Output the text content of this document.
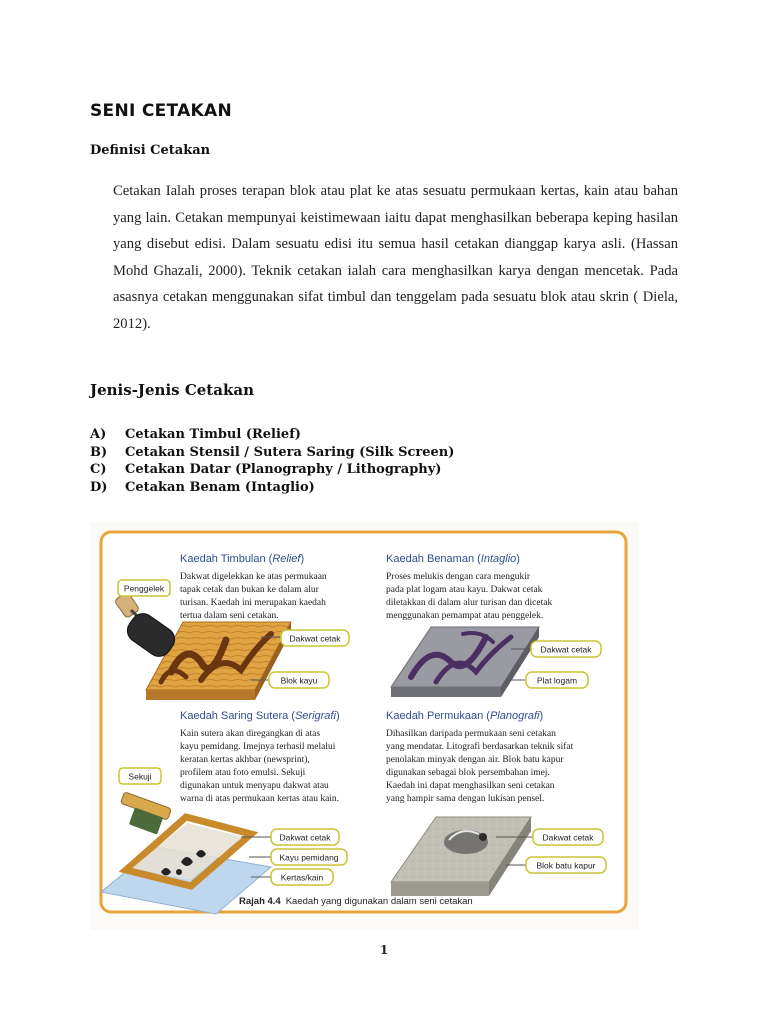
SENI CETAKAN
Definisi Cetakan

Cetakan Ialah proses terapan blok atau plat ke atas sesuatu permukaan kertas, kain atau bahan yang lain. Cetakan mempunyai keistimewaan iaitu dapat menghasilkan beberapa keping hasilan yang disebut edisi. Dalam sesuatu edisi itu semua hasil cetakan dianggap karya asli. (Hassan Mohd Ghazali, 2000). Teknik cetakan ialah cara menghasilkan karya dengan mencetak. Pada asasnya cetakan menggunakan sifat timbul dan tenggelam pada sesuatu blok atau skrin ( Diela, 2012).

Jenis-Jenis Cetakan
A) Cetakan Timbul (Relief)
B) Cetakan Stensil / Sutera Saring (Silk Screen)
C) Cetakan Datar (Planography / Lithography)
D) Cetakan Benam (Intaglio)
Kaedah Timbulan (Relief)
Dakwat digelekkan ke atas permukaan tapak cetak dan bukan ke dalam alur turisan. Kaedah ini merupakan kaedah tertua dalam seni cetakan.
Penggelek
Dakwat cetak
Blok kayu
Kaedah Benaman (Intaglio)
Proses melukis dengan cara mengukir pada plat logam atau kayu. Dakwat cetak diletakkan di dalam alur turisan dan dicetak menggunakan pemampat atau penggelek.
Dakwat cetak
Plat logam
Kaedah Saring Sutera (Serigrafi)
Kain sutera akan diregangkan di atas kayu pemidang. Imejnya terhasil melalui keratan kertas akhbar (newsprint), profilem atau foto emulsi. Sekuji digunakan untuk menyapu dakwat atau warna di atas permukaan kertas atau kain.
Sekuji
Dakwat cetak
Kayu pemidang
Kertas/kain
Kaedah Permukaan (Planografi)
Dihasilkan daripada permukaan seni cetakan yang mendatar. Litografi berdasarkan teknik sifat penolakan minyak dengan air. Blok batu kapur digunakan sebagai blok persembahan imej. Kaedah ini dapat menghasilkan seni cetakan yang hampir sama dengan lukisan pensel.
Dakwat cetak
Blok batu kapur
Rajah 4.4 Kaedah yang digunakan dalam seni cetakan
1
